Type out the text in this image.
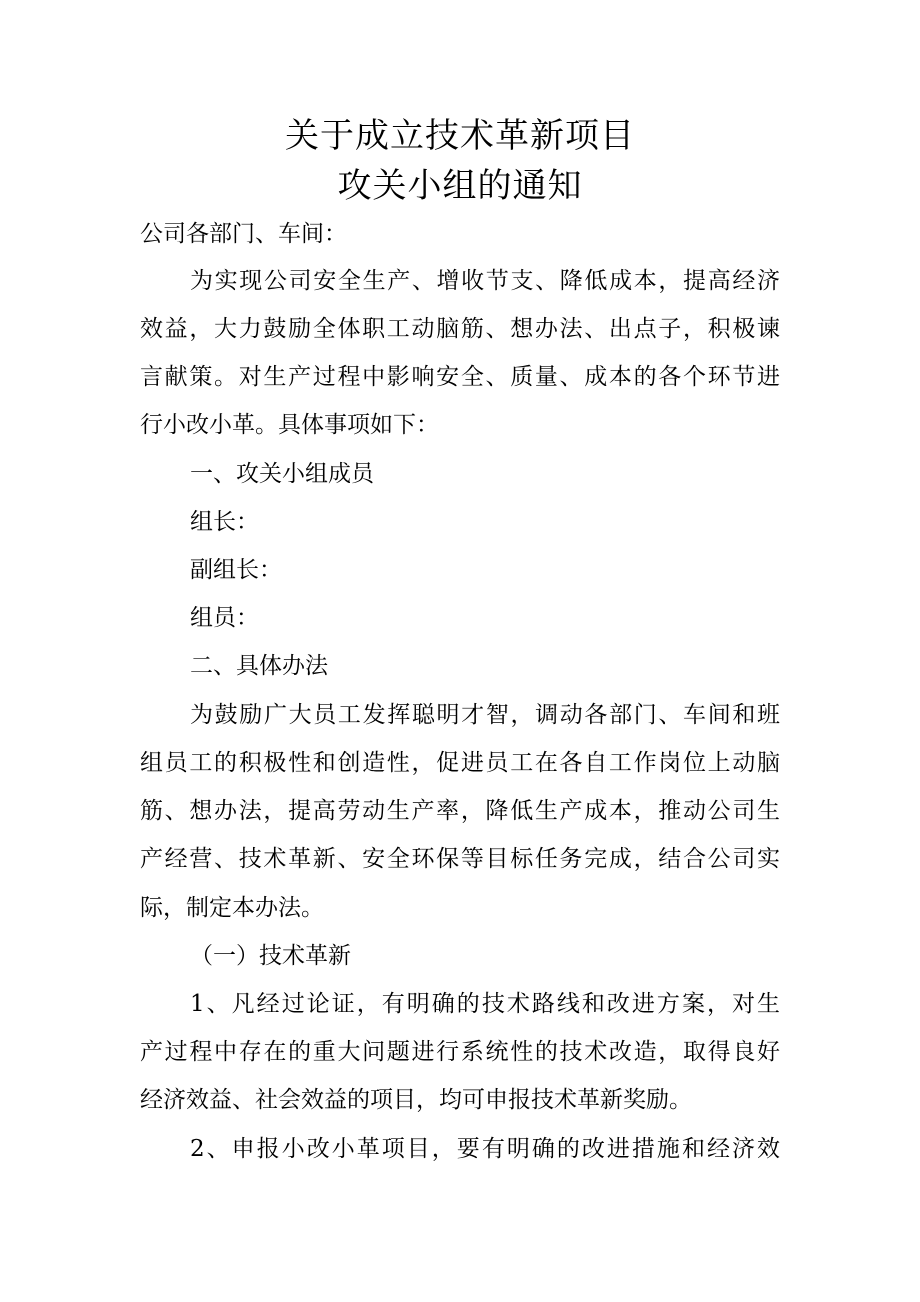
关于成立技术革新项目
攻关小组的通知
公司各部门、车间：
为实现公司安全生产、增收节支、降低成本，提高经济
效益，大力鼓励全体职工动脑筋、想办法、出点子，积极谏
言献策。对生产过程中影响安全、质量、成本的各个环节进
行小改小革。具体事项如下：
一、攻关小组成员
组长：
副组长：
组员：
二、具体办法
为鼓励广大员工发挥聪明才智，调动各部门、车间和班
组员工的积极性和创造性，促进员工在各自工作岗位上动脑
筋、想办法，提高劳动生产率，降低生产成本，推动公司生
产经营、技术革新、安全环保等目标任务完成，结合公司实
际，制定本办法。
（一）技术革新
1、凡经过论证，有明确的技术路线和改进方案，对生
产过程中存在的重大问题进行系统性的技术改造，取得良好
经济效益、社会效益的项目，均可申报技术革新奖励。
2、申报小改小革项目，要有明确的改进措施和经济效
